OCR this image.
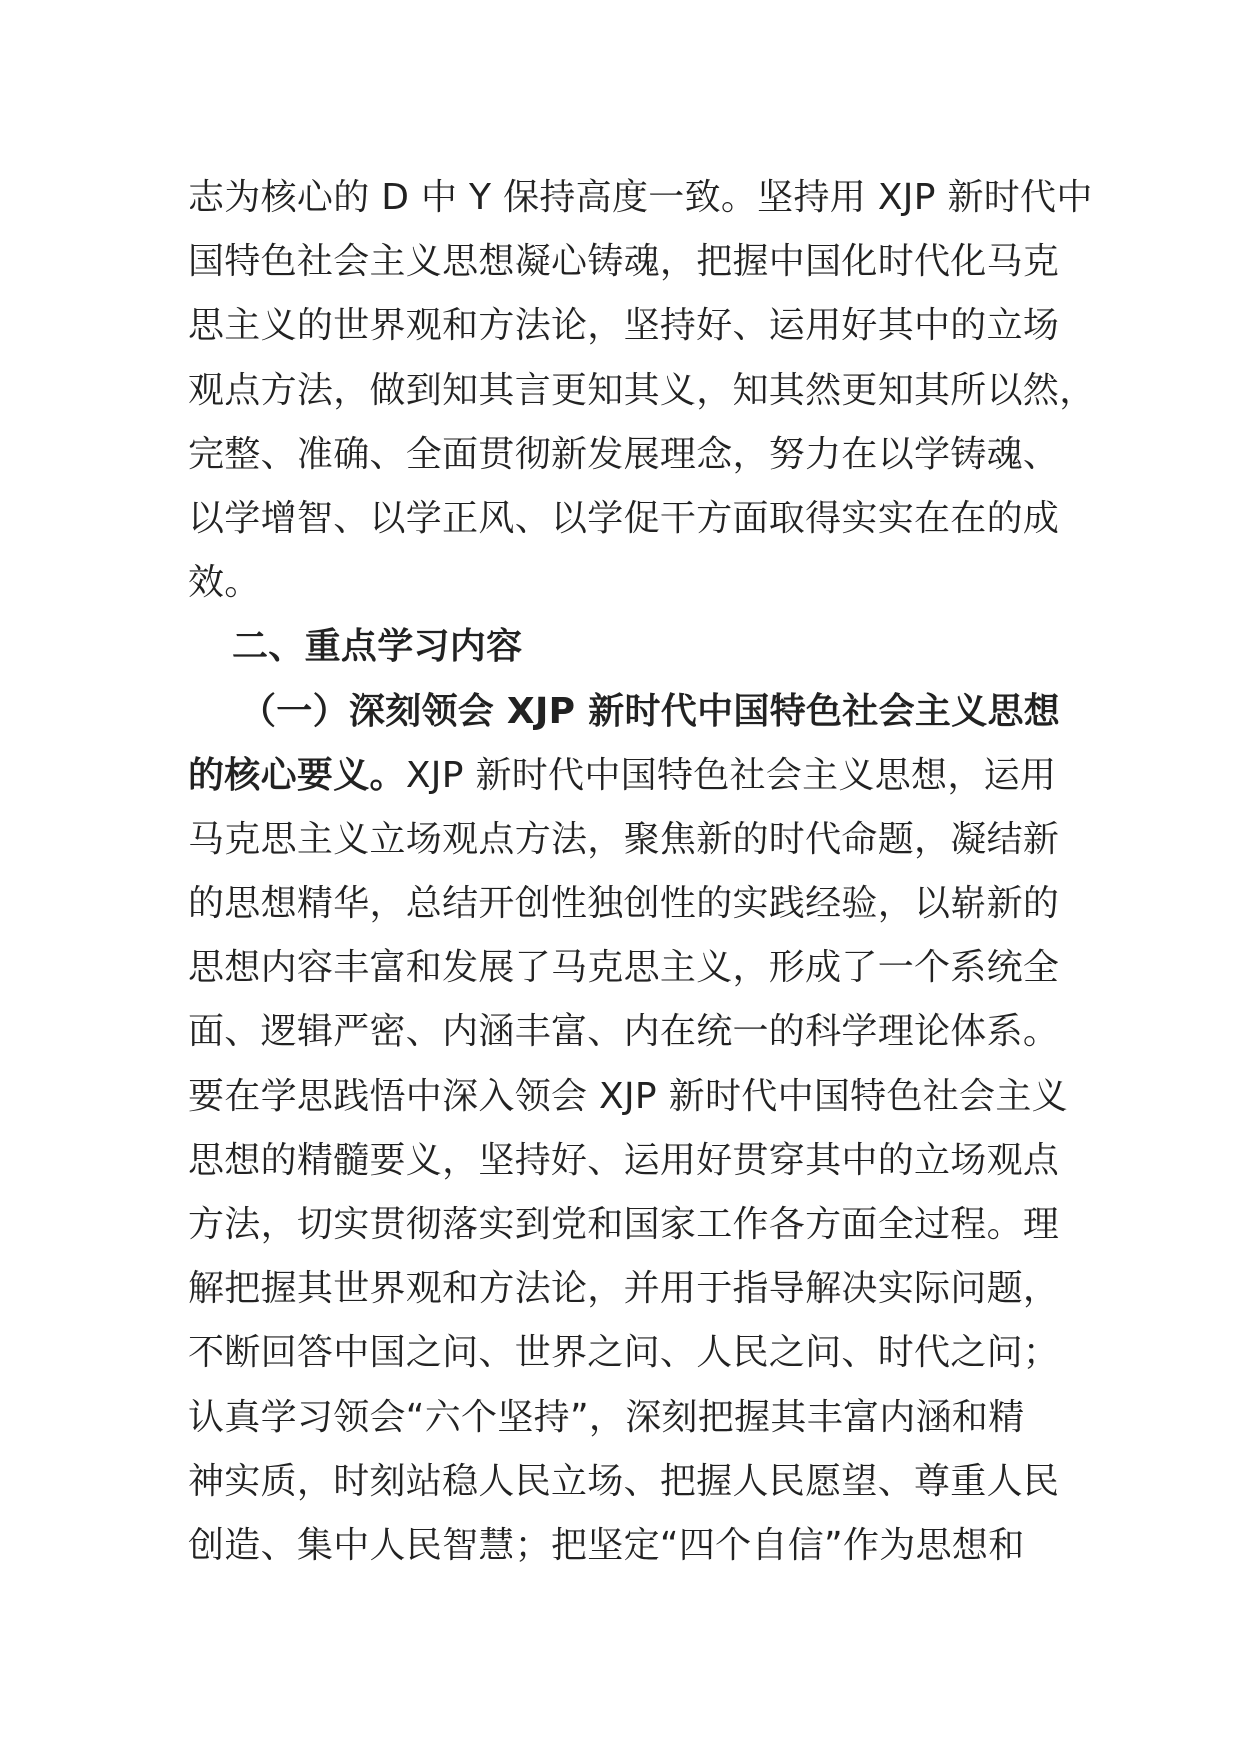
志为核心的 D 中 Y 保持高度一致。坚持用 XJP 新时代中
国特色社会主义思想凝心铸魂，把握中国化时代化马克
思主义的世界观和方法论，坚持好、运用好其中的立场
观点方法，做到知其言更知其义，知其然更知其所以然，
完整、准确、全面贯彻新发展理念，努力在以学铸魂、
以学增智、以学正风、以学促干方面取得实实在在的成
效。
二、重点学习内容
（一）深刻领会 XJP 新时代中国特色社会主义思想
的核心要义。XJP 新时代中国特色社会主义思想，运用
马克思主义立场观点方法，聚焦新的时代命题，凝结新
的思想精华，总结开创性独创性的实践经验，以崭新的
思想内容丰富和发展了马克思主义，形成了一个系统全
面、逻辑严密、内涵丰富、内在统一的科学理论体系。
要在学思践悟中深入领会 XJP 新时代中国特色社会主义
思想的精髓要义，坚持好、运用好贯穿其中的立场观点
方法，切实贯彻落实到党和国家工作各方面全过程。理
解把握其世界观和方法论，并用于指导解决实际问题，
不断回答中国之问、世界之问、人民之问、时代之问；
认真学习领会“六个坚持”，深刻把握其丰富内涵和精
神实质，时刻站稳人民立场、把握人民愿望、尊重人民
创造、集中人民智慧；把坚定“四个自信”作为思想和
